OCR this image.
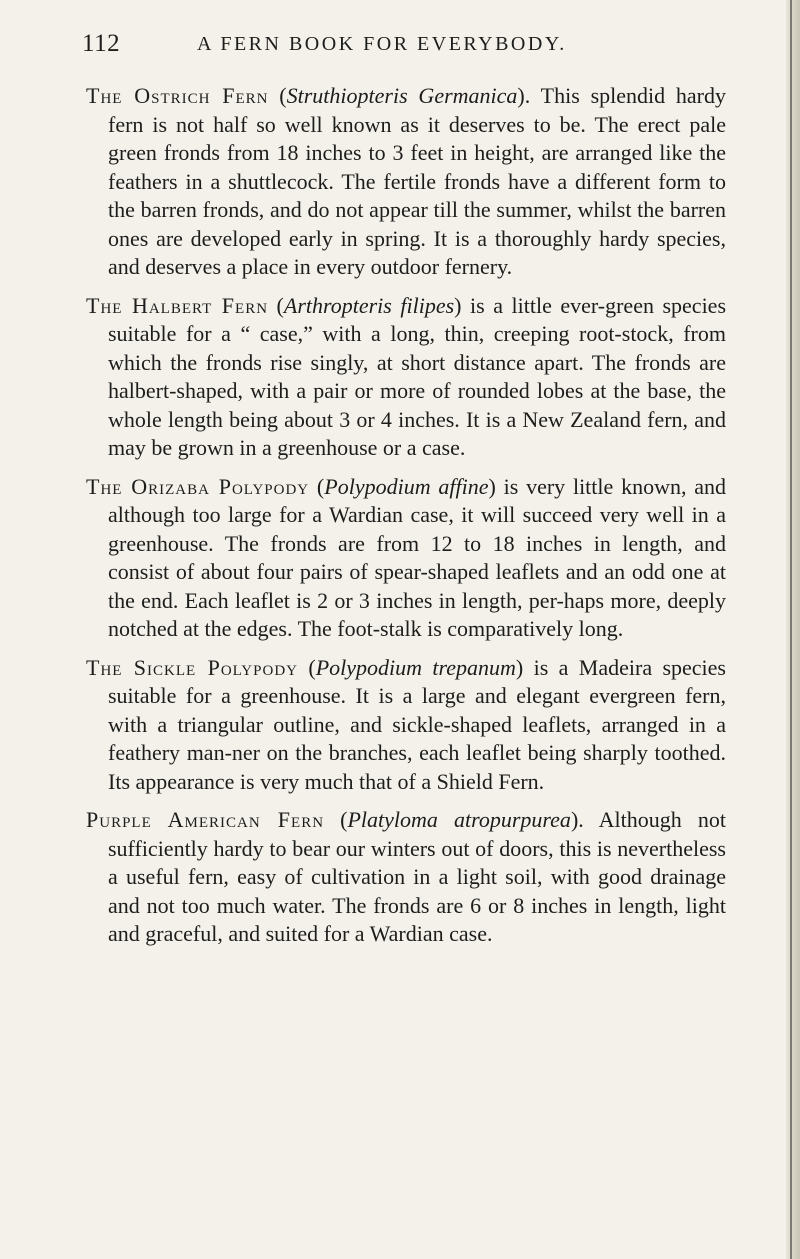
112	A FERN BOOK FOR EVERYBODY.

The Ostrich Fern (Struthiopteris Germanica). This splendid hardy fern is not half so well known as it deserves to be. The erect pale green fronds from 18 inches to 3 feet in height, are arranged like the feathers in a shuttlecock. The fertile fronds have a different form to the barren fronds, and do not appear till the summer, whilst the barren ones are developed early in spring. It is a thoroughly hardy species, and deserves a place in every outdoor fernery.

The Halbert Fern (Arthropteris filipes) is a little ever-green species suitable for a “ case,” with a long, thin, creeping root-stock, from which the fronds rise singly, at short distance apart. The fronds are halbert-shaped, with a pair or more of rounded lobes at the base, the whole length being about 3 or 4 inches. It is a New Zealand fern, and may be grown in a greenhouse or a case.

The Orizaba Polypody (Polypodium affine) is very little known, and although too large for a Wardian case, it will succeed very well in a greenhouse. The fronds are from 12 to 18 inches in length, and consist of about four pairs of spear-shaped leaflets and an odd one at the end. Each leaflet is 2 or 3 inches in length, per-haps more, deeply notched at the edges. The foot-stalk is comparatively long.

The Sickle Polypody (Polypodium trepanum) is a Madeira species suitable for a greenhouse. It is a large and elegant evergreen fern, with a triangular outline, and sickle-shaped leaflets, arranged in a feathery man-ner on the branches, each leaflet being sharply toothed. Its appearance is very much that of a Shield Fern.

Purple American Fern (Platyloma atropurpurea). Although not sufficiently hardy to bear our winters out of doors, this is nevertheless a useful fern, easy of cultivation in a light soil, with good drainage and not too much water. The fronds are 6 or 8 inches in length, light and graceful, and suited for a Wardian case.
